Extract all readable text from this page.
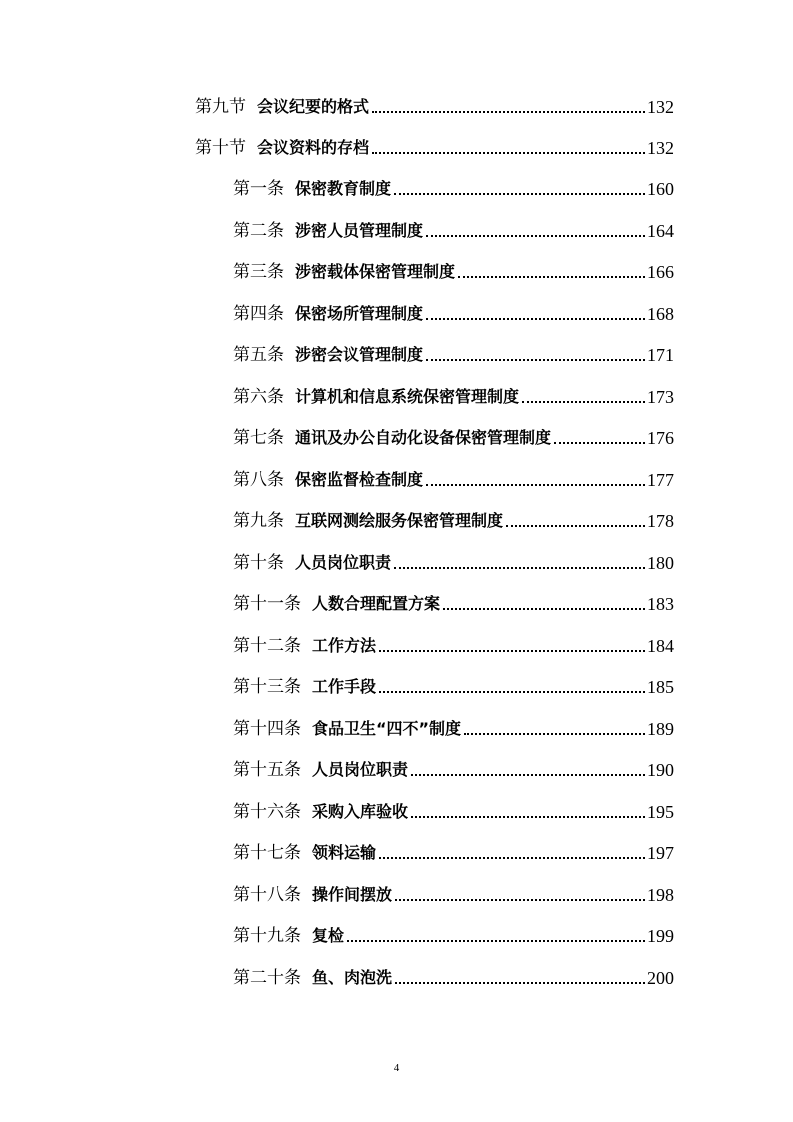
第九节 会议纪要的格式	132
第十节 会议资料的存档	132
第一条 保密教育制度	160
第二条 涉密人员管理制度	164
第三条 涉密载体保密管理制度	166
第四条 保密场所管理制度	168
第五条 涉密会议管理制度	171
第六条 计算机和信息系统保密管理制度	173
第七条 通讯及办公自动化设备保密管理制度	176
第八条 保密监督检查制度	177
第九条 互联网测绘服务保密管理制度	178
第十条 人员岗位职责	180
第十一条 人数合理配置方案	183
第十二条 工作方法	184
第十三条 工作手段	185
第十四条 食品卫生“四不”制度	189
第十五条 人员岗位职责	190
第十六条 采购入库验收	195
第十七条 领料运输	197
第十八条 操作间摆放	198
第十九条 复检	199
第二十条 鱼、肉泡洗	200
4
